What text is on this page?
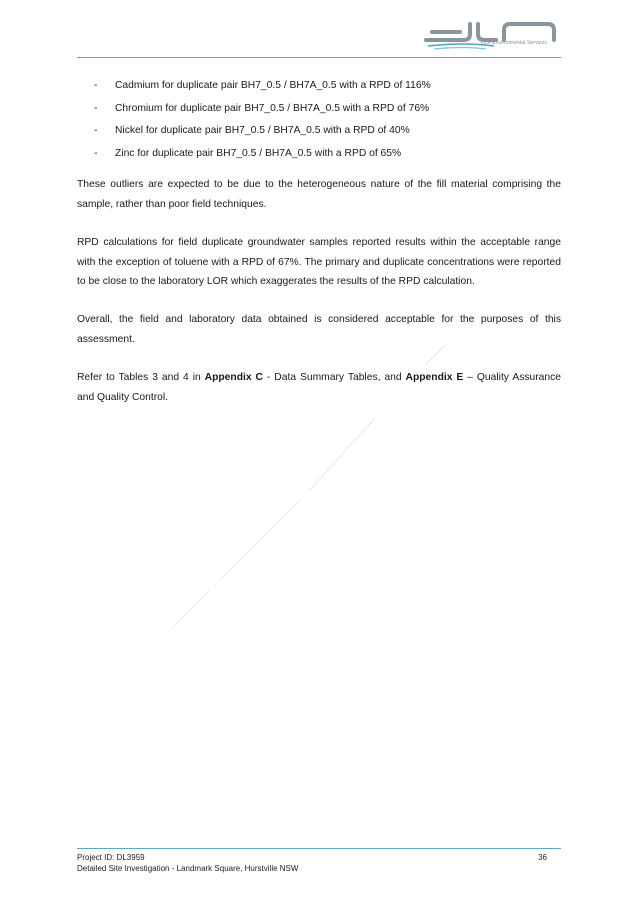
DLA Environmental Services
- Cadmium for duplicate pair BH7_0.5 / BH7A_0.5 with a RPD of 116%
- Chromium for duplicate pair BH7_0.5 / BH7A_0.5 with a RPD of 76%
- Nickel for duplicate pair BH7_0.5 / BH7A_0.5 with a RPD of 40%
- Zinc for duplicate pair BH7_0.5 / BH7A_0.5 with a RPD of 65%

These outliers are expected to be due to the heterogeneous nature of the fill material comprising the sample, rather than poor field techniques.

RPD calculations for field duplicate groundwater samples reported results within the acceptable range with the exception of toluene with a RPD of 67%. The primary and duplicate concentrations were reported to be close to the laboratory LOR which exaggerates the results of the RPD calculation.

Overall, the field and laboratory data obtained is considered acceptable for the purposes of this assessment.

Refer to Tables 3 and 4 in Appendix C - Data Summary Tables, and Appendix E – Quality Assurance and Quality Control.

Project ID: DL3959	36
Detailed Site Investigation - Landmark Square, Hurstville NSW
